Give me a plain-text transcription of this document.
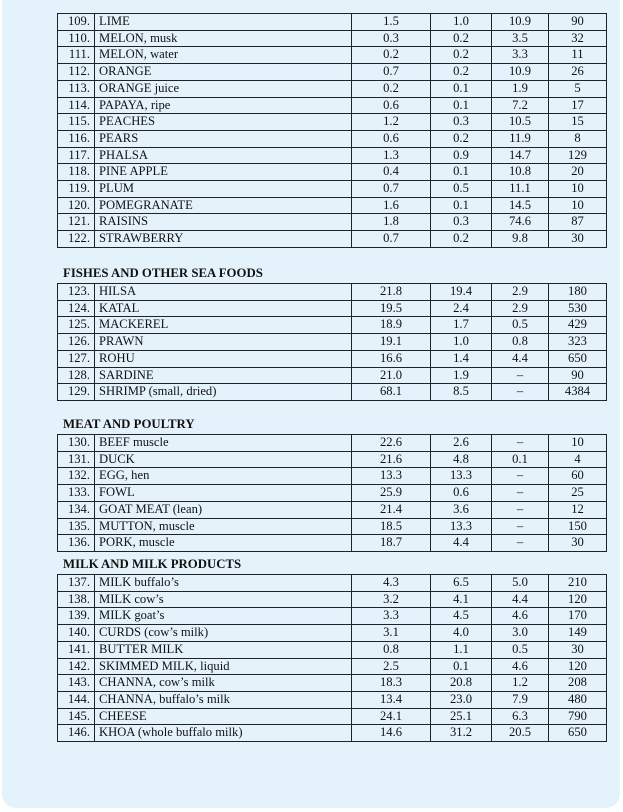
109.	LIME	1.5	1.0	10.9	90
110.	MELON, musk	0.3	0.2	3.5	32
111.	MELON, water	0.2	0.2	3.3	11
112.	ORANGE	0.7	0.2	10.9	26
113.	ORANGE juice	0.2	0.1	1.9	5
114.	PAPAYA, ripe	0.6	0.1	7.2	17
115.	PEACHES	1.2	0.3	10.5	15
116.	PEARS	0.6	0.2	11.9	8
117.	PHALSA	1.3	0.9	14.7	129
118.	PINE APPLE	0.4	0.1	10.8	20
119.	PLUM	0.7	0.5	11.1	10
120.	POMEGRANATE	1.6	0.1	14.5	10
121.	RAISINS	1.8	0.3	74.6	87
122.	STRAWBERRY	0.7	0.2	9.8	30
FISHES AND OTHER SEA FOODS
123.	HILSA	21.8	19.4	2.9	180
124.	KATAL	19.5	2.4	2.9	530
125.	MACKEREL	18.9	1.7	0.5	429
126.	PRAWN	19.1	1.0	0.8	323
127.	ROHU	16.6	1.4	4.4	650
128.	SARDINE	21.0	1.9	–	90
129.	SHRIMP (small, dried)	68.1	8.5	–	4384
MEAT AND POULTRY
130.	BEEF muscle	22.6	2.6	–	10
131.	DUCK	21.6	4.8	0.1	4
132.	EGG, hen	13.3	13.3	–	60
133.	FOWL	25.9	0.6	–	25
134.	GOAT MEAT (lean)	21.4	3.6	–	12
135.	MUTTON, muscle	18.5	13.3	–	150
136.	PORK, muscle	18.7	4.4	–	30
MILK AND MILK PRODUCTS
137.	MILK buffalo’s	4.3	6.5	5.0	210
138.	MILK cow’s	3.2	4.1	4.4	120
139.	MILK goat’s	3.3	4.5	4.6	170
140.	CURDS (cow’s milk)	3.1	4.0	3.0	149
141.	BUTTER MILK	0.8	1.1	0.5	30
142.	SKIMMED MILK, liquid	2.5	0.1	4.6	120
143.	CHANNA, cow’s milk	18.3	20.8	1.2	208
144.	CHANNA, buffalo’s milk	13.4	23.0	7.9	480
145.	CHEESE	24.1	25.1	6.3	790
146.	KHOA (whole buffalo milk)	14.6	31.2	20.5	650
